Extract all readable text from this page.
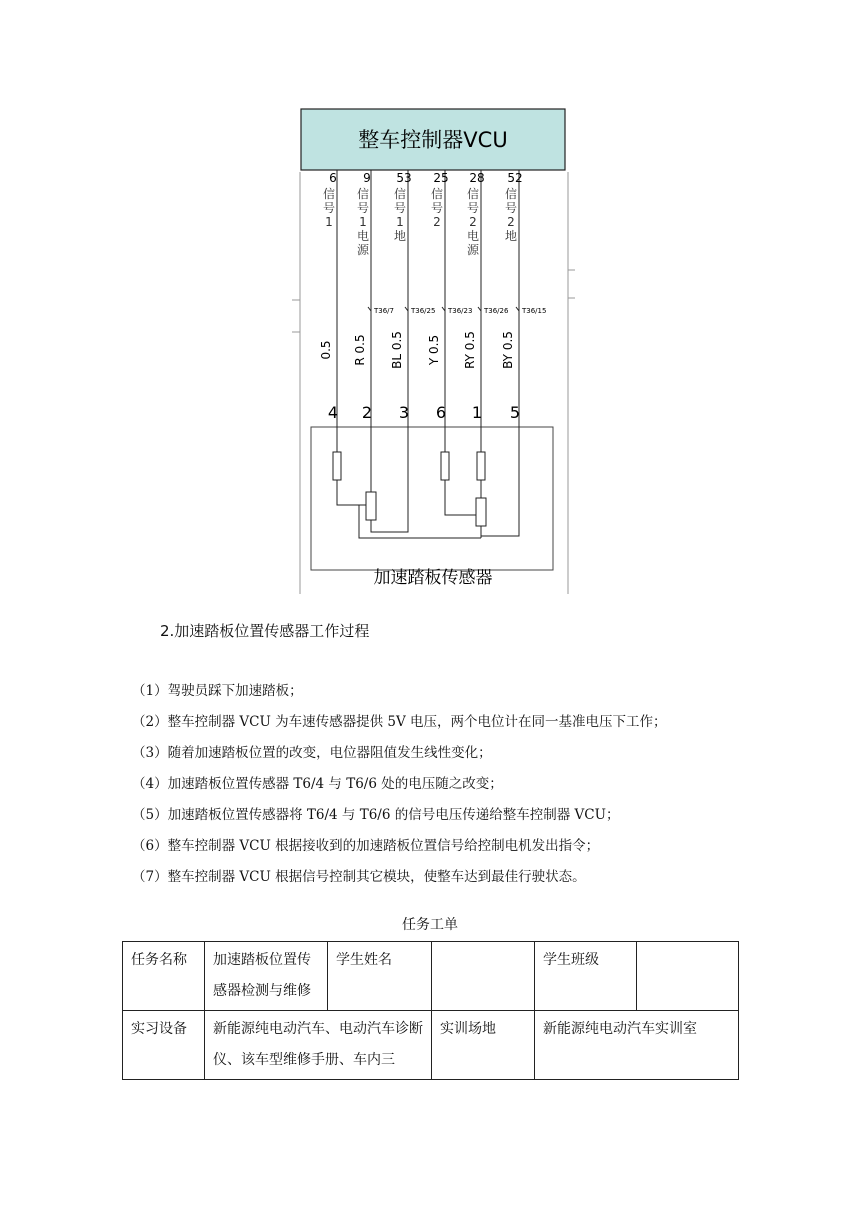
整车控制器VCU
加速踏板传感器
6
信
号
1
0.5
4
9
信
号
1
电
源
T36/7
R 0.5
2
53
信
号
1
地
T36/25
BL 0.5
3
25
信
号
2
T36/23
Y 0.5
6
28
信
号
2
电
源
T36/26
RY 0.5
1
52
信
号
2
地
T36/15
BY 0.5
5
2.加速踏板位置传感器工作过程
（1）驾驶员踩下加速踏板；
（2）整车控制器 VCU 为车速传感器提供 5V 电压，两个电位计在同一基准电压下工作；
（3）随着加速踏板位置的改变，电位器阻值发生线性变化；
（4）加速踏板位置传感器 T6/4 与 T6/6 处的电压随之改变；
（5）加速踏板位置传感器将 T6/4 与 T6/6 的信号电压传递给整车控制器 VCU；
（6）整车控制器 VCU 根据接收到的加速踏板位置信号给控制电机发出指令；
（7）整车控制器 VCU 根据信号控制其它模块，使整车达到最佳行驶状态。
任务工单
任务名称	加速踏板位置传感器检测与维修	学生姓名		学生班级	
实习设备	新能源纯电动汽车、电动汽车诊断仪、该车型维修手册、车内三		实训场地	新能源纯电动汽车实训室	
